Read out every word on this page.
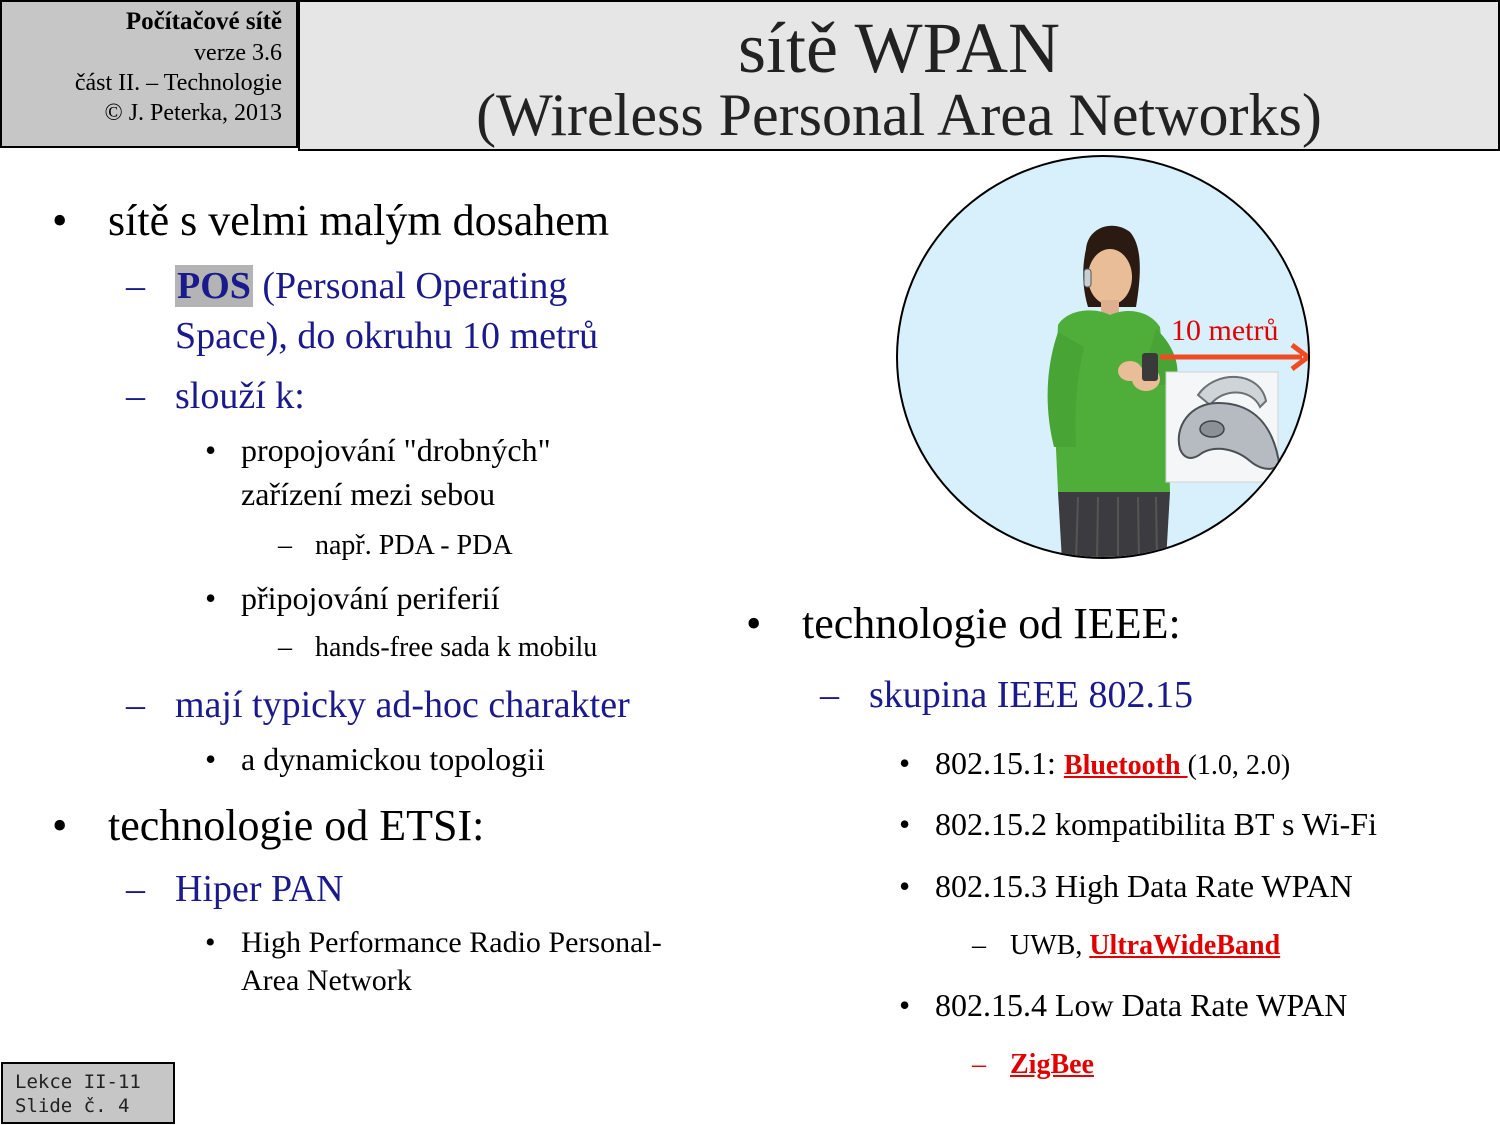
Počítačové sítě
verze 3.6
část II. – Technologie
© J. Peterka, 2013
sítě WPAN
(Wireless Personal Area Networks)
• sítě s velmi malým dosahem
– POS (Personal Operating
Space), do okruhu 10 metrů
– slouží k:
• propojování "drobných"
zařízení mezi sebou
– např. PDA - PDA
• připojování periferií
– hands-free sada k mobilu
– mají typicky ad-hoc charakter
• a dynamickou topologii
• technologie od ETSI:
– Hiper PAN
• High Performance Radio Personal-
Area Network
10 metrů
• technologie od IEEE:
– skupina IEEE 802.15
• 802.15.1: Bluetooth (1.0, 2.0)
• 802.15.2 kompatibilita BT s Wi-Fi
• 802.15.3 High Data Rate WPAN
– UWB, UltraWideBand
• 802.15.4 Low Data Rate WPAN
– ZigBee
Lekce II-11
Slide č. 4
